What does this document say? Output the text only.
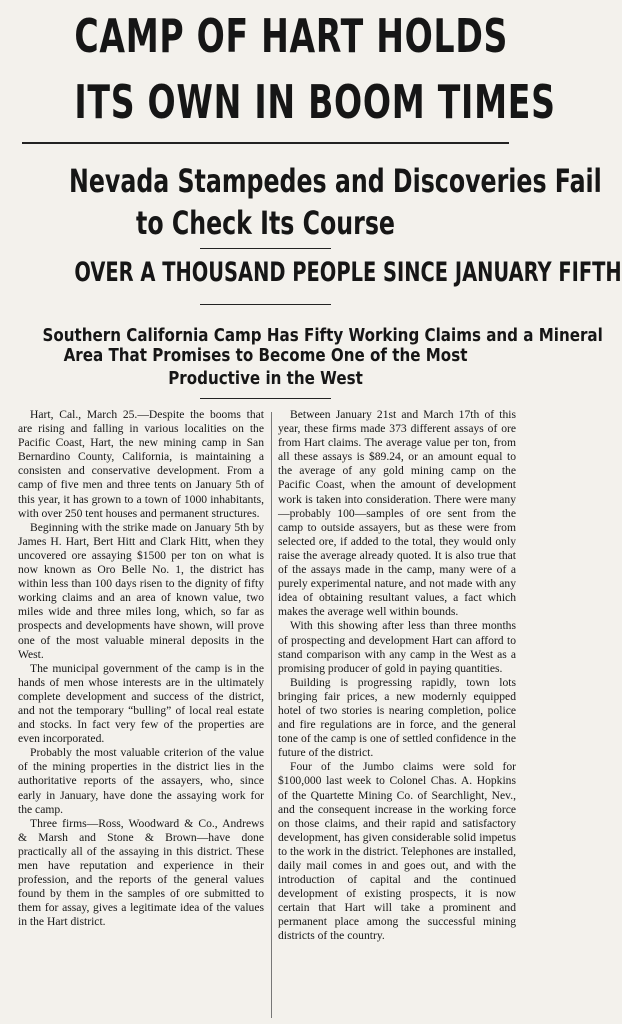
CAMP OF HART HOLDS
ITS OWN IN BOOM TIMES
Nevada Stampedes and Discoveries Fail
to Check Its Course
OVER A THOUSAND PEOPLE SINCE JANUARY FIFTH
Southern California Camp Has Fifty Working Claims and a Mineral
Area That Promises to Become One of the Most
Productive in the West

Hart, Cal., March 25.—Despite the booms that are rising and falling in various localities on the Pacific Coast, Hart, the new mining camp in San Bernardino County, California, is maintaining a consisten and conservative development. From a camp of five men and three tents on January 5th of this year, it has grown to a town of 1000 inhabitants, with over 250 tent houses and permanent structures.

Beginning with the strike made on January 5th by James H. Hart, Bert Hitt and Clark Hitt, when they uncovered ore assaying $1500 per ton on what is now known as Oro Belle No. 1, the district has within less than 100 days risen to the dignity of fifty working claims and an area of known value, two miles wide and three miles long, which, so far as prospects and developments have shown, will prove one of the most valuable mineral deposits in the West.

The municipal government of the camp is in the hands of men whose interests are in the ultimately complete development and success of the district, and not the temporary “bulling” of local real estate and stocks. In fact very few of the properties are even incorporated.

Probably the most valuable criterion of the value of the mining properties in the district lies in the authoritative reports of the assayers, who, since early in January, have done the assaying work for the camp.

Three firms—Ross, Woodward & Co., Andrews & Marsh and Stone & Brown—have done practically all of the assaying in this district. These men have reputation and experience in their profession, and the reports of the general values found by them in the samples of ore submitted to them for assay, gives a legitimate idea of the values in the Hart district.

Between January 21st and March 17th of this year, these firms made 373 different assays of ore from Hart claims. The average value per ton, from all these assays is $89.24, or an amount equal to the average of any gold mining camp on the Pacific Coast, when the amount of development work is taken into consideration. There were many—probably 100—samples of ore sent from the camp to outside assayers, but as these were from selected ore, if added to the total, they would only raise the average already quoted. It is also true that of the assays made in the camp, many were of a purely experimental nature, and not made with any idea of obtaining resultant values, a fact which makes the average well within bounds.

With this showing after less than three months of prospecting and development Hart can afford to stand comparison with any camp in the West as a promising producer of gold in paying quantities.

Building is progressing rapidly, town lots bringing fair prices, a new modernly equipped hotel of two stories is nearing completion, police and fire regulations are in force, and the general tone of the camp is one of settled confidence in the future of the district.

Four of the Jumbo claims were sold for $100,000 last week to Colonel Chas. A. Hopkins of the Quartette Mining Co. of Searchlight, Nev., and the consequent increase in the working force on those claims, and their rapid and satisfactory development, has given considerable solid impetus to the work in the district. Telephones are installed, daily mail comes in and goes out, and with the introduction of capital and the continued development of existing prospects, it is now certain that Hart will take a prominent and permanent place among the successful mining districts of the country.
